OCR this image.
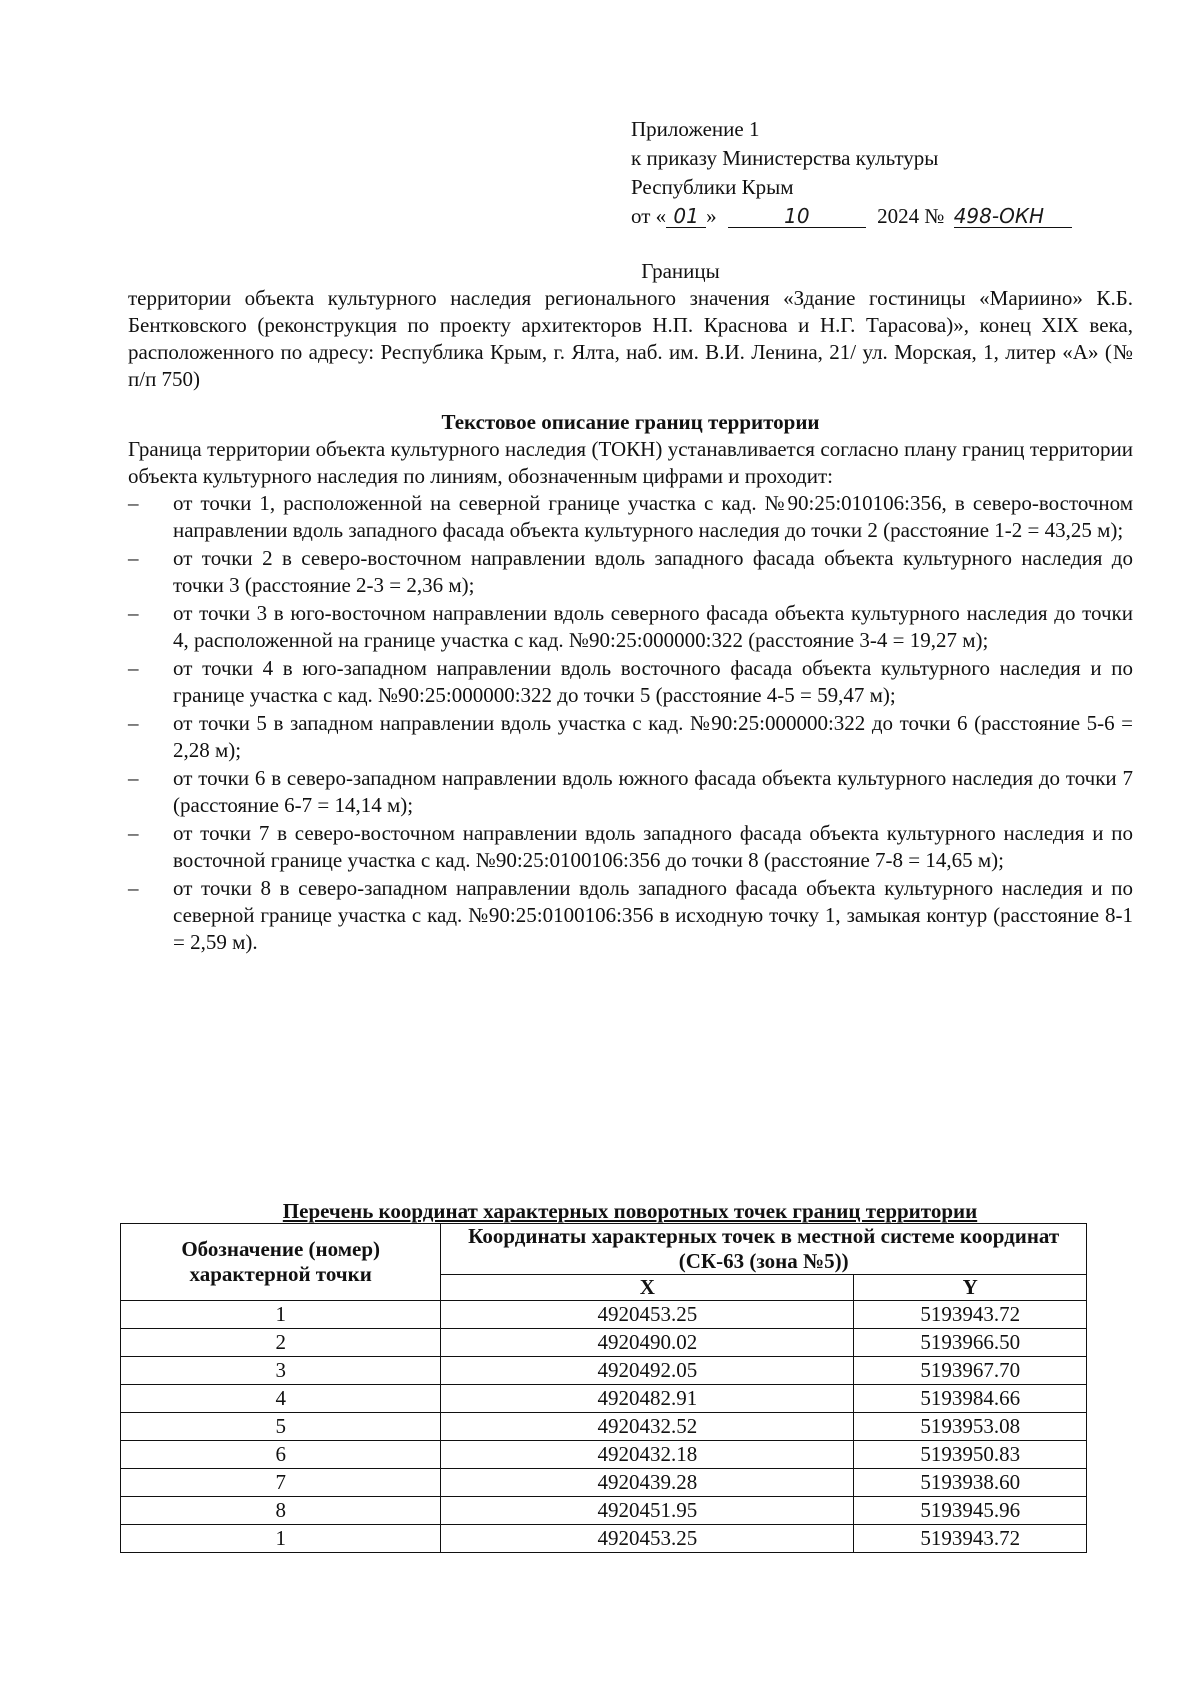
Приложение 1
к приказу Министерства культуры
Республики Крым
от « 01 »	10	2024 № 498-ОКН

Границы

территории объекта культурного наследия регионального значения «Здание гостиницы «Мариино» К.Б. Бентковского (реконструкция по проекту архитекторов Н.П. Краснова и Н.Г. Тарасова)», конец XIX века, расположенного по адресу: Республика Крым, г. Ялта, наб. им. В.И. Ленина, 21/ ул. Морская, 1, литер «А» (№ п/п 750)

Текстовое описание границ территории

Граница территории объекта культурного наследия (ТОКН) устанавливается согласно плану границ территории объекта культурного наследия по линиям, обозначенным цифрами и проходит:

– от точки 1, расположенной на северной границе участка с кад. №90:25:010106:356, в северо-восточном направлении вдоль западного фасада объекта культурного наследия до точки 2 (расстояние 1-2 = 43,25 м);
– от точки 2 в северо-восточном направлении вдоль западного фасада объекта культурного наследия до точки 3 (расстояние 2-3 = 2,36 м);
– от точки 3 в юго-восточном направлении вдоль северного фасада объекта культурного наследия до точки 4, расположенной на границе участка с кад. №90:25:000000:322 (расстояние 3-4 = 19,27 м);
– от точки 4 в юго-западном направлении вдоль восточного фасада объекта культурного наследия и по границе участка с кад. №90:25:000000:322 до точки 5 (расстояние 4-5 = 59,47 м);
– от точки 5 в западном направлении вдоль участка с кад. №90:25:000000:322 до точки 6 (расстояние 5-6 = 2,28 м);
– от точки 6 в северо-западном направлении вдоль южного фасада объекта культурного наследия до точки 7 (расстояние 6-7 = 14,14 м);
– от точки 7 в северо-восточном направлении вдоль западного фасада объекта культурного наследия и по восточной границе участка с кад. №90:25:0100106:356 до точки 8 (расстояние 7-8 = 14,65 м);
– от точки 8 в северо-западном направлении вдоль западного фасада объекта культурного наследия и по северной границе участка с кад. №90:25:0100106:356 в исходную точку 1, замыкая контур (расстояние 8-1 = 2,59 м).
Перечень координат характерных поворотных точек границ территории
Обозначение (номер) характерной точки	Координаты характерных точек в местной системе координат (СК-63 (зона №5))	
	X	Y
1	4920453.25	5193943.72
2	4920490.02	5193966.50
3	4920492.05	5193967.70
4	4920482.91	5193984.66
5	4920432.52	5193953.08
6	4920432.18	5193950.83
7	4920439.28	5193938.60
8	4920451.95	5193945.96
1	4920453.25	5193943.72
